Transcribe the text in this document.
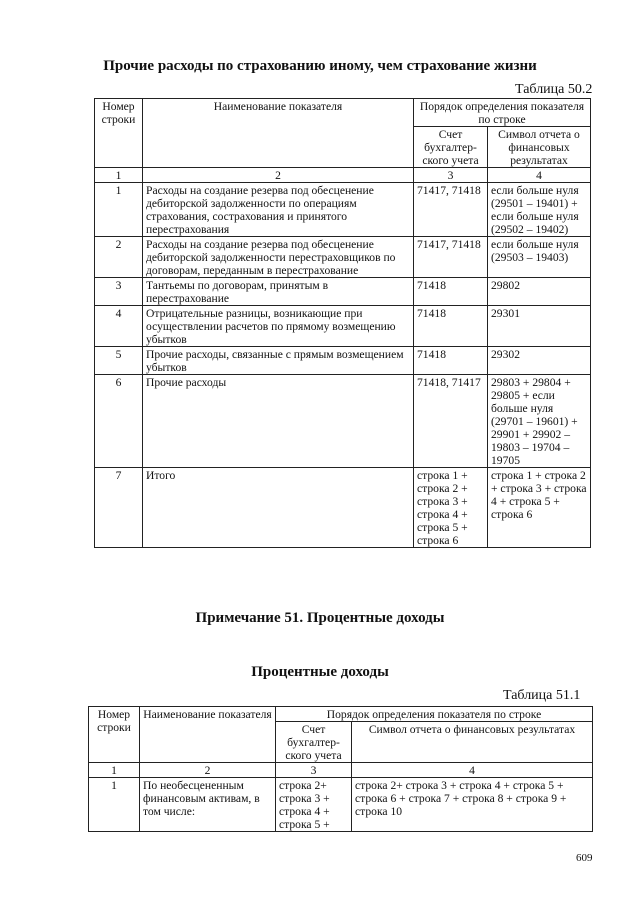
Прочие расходы по страхованию иному, чем страхование жизни
Таблица 50.2
Номер строки	Наименование показателя	Порядок определения показателя по строке	
		Счет бухгалтер-ского учета	Символ отчета о финансовых результатах
1	2	3	4
1	Расходы на создание резерва под обесценение дебиторской задолженности по операциям страхования, сострахования и принятого перестрахования	71417, 71418	если больше нуля (29501 – 19401) + если больше нуля (29502 – 19402)
2	Расходы на создание резерва под обесценение дебиторской задолженности перестраховщиков по договорам, переданным в перестрахование	71417, 71418	если больше нуля (29503 – 19403)
3	Тантьемы по договорам, принятым в перестрахование	71418	29802
4	Отрицательные разницы, возникающие при осуществлении расчетов по прямому возмещению убытков	71418	29301
5	Прочие расходы, связанные с прямым возмещением убытков	71418	29302
6	Прочие расходы	71418, 71417	29803 + 29804 + 29805 + если больше нуля (29701 – 19601) + 29901 + 29902 – 19803 – 19704 – 19705
7	Итого	строка 1 + строка 2 + строка 3 + строка 4 + строка 5 + строка 6	строка 1 + строка 2 + строка 3 + строка 4 + строка 5 + строка 6
Примечание 51. Процентные доходы
Процентные доходы
Таблица 51.1
Номер строки	Наименование показателя	Порядок определения показателя по строке	
		Счет бухгалтер-ского учета	Символ отчета о финансовых результатах
1	2	3	4
1	По необесцененным финансовым активам, в том числе:	строка 2+ строка 3 + строка 4 + строка 5 +	строка 2+ строка 3 + строка 4 + строка 5 + строка 6 + строка 7 + строка 8 + строка 9 + строка 10
609
